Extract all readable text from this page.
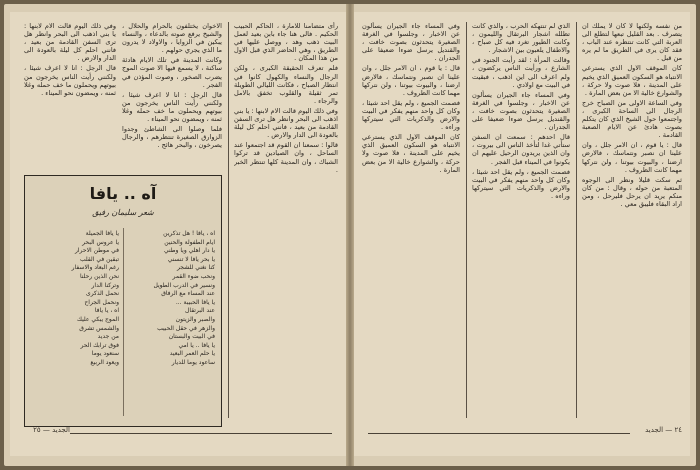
رأى متضامنا للامارة ، الحاكم الحبيب الحكيم . فالى هنا جاء بابن بعيد لعمل البيت ذهب وهد ، ووصل عليها في الطريق ، وهي الحاضر الذي قبل الاول من هذا المكان .

فلم تعرف الحقيقة الكبرى ، ولكن الرجال والنساء والكهول كانوا في انتظار الصباح ، فكانت الليالي الطويلة تمر ثقيلة والقلوب تخفق بالامل والرجاء .

وفي ذلك اليوم قالت الام لابنها : يا بني اذهب الى البحر وانظر هل ترى السفن القادمة من بعيد ، فانني احلم كل ليلة بالعودة الى الدار والارض .

قالوا : سمعنا ان القوم قد اجتمعوا عند الساحل ، وان الصيادين قد تركوا الشباك ، وان المدينة كلها تنتظر الخبر .

الاخوان يختلفون بالحرام والحلال ، والشيخ يرفع صوته بالدعاء ، والنساء يبكين في الزوايا ، والاولاد لا يدرون ما الذي يجري حولهم .

وكانت المدينة في تلك الايام هادئة ساكنة ، لا يسمع فيها الا صوت الموج يضرب الصخور ، وصوت المؤذن في الفجر .

قال الرجل : انا لا اعرف شيئا ، ولكنني رأيت الناس يخرجون من بيوتهم ويحملون ما خف حمله وغلا ثمنه ، ويمضون نحو الميناء .

فلما وصلوا الى الشاطئ وجدوا الزوارق الصغيرة تنتظرهم ، والرجال يصرخون ، والبحر هائج .

وفي ذلك اليوم قالت الام لابنها : يا بني اذهب الى البحر وانظر هل ترى السفن القادمة من بعيد ، فانني احلم كل ليلة بالعودة الى الدار والارض .

قال الرجل : انا لا اعرف شيئا ، ولكنني رأيت الناس يخرجون من بيوتهم ويحملون ما خف حمله وغلا ثمنه ، ويمضون نحو الميناء .

آه .. يافا
شعر سليمان رفيق
آه ، يافا ! هل تذكرين
ايام الطفولة والحنين
يا دار اهلي ويا وطني
يا بحر يافا لا تنسني
كنا نغني للشجر
ونحب ضوء القمر
ونسير في الدرب الطويل
عند المساء مع الرفاق
يا يافا الحبيبة ...
عند البرتقال
والصبر والزيتون
والزهر في حقل الحبيب
في البيت والبستان
يا يافا .. يا امي
يا حلم العمر البعيد
سأعود يوما للديار
يا يافا الجميلة
يا عروس البحر
في موطن الاحرار
تبقين في القلب
رغم البعاد والاسفار
نحن الذين رحلنا
وتركنا الدار
نحمل الذكرى
ونحمل الجراح
آه ، يا يافا
الموج يبكي عليك
والشمس تشرق
من جديد
فوق ترابك الحر
سنعود يوما
ويعود الربيع
الجديد — ٢٥

من نفسه ولكنها لا كان لا يملك ان يتصرف . بعد القليل تبعها لتطلع الى العربة التي كانت تنتظره عند الباب ، فقد كان يرى في الطريق ما لم يره من قبل .

كان الموقف الاول الذي يسترعي الانتباه هو السكون العميق الذي يخيم على المدينة ، فلا صوت ولا حركة ، والشوارع خالية الا من بعض المارة .

وفي الساعة الاولى من الصباح خرج الرجال الى الساحة الكبرى ، واجتمعوا حول الشيخ الذي كان يتكلم بصوت هادئ عن الايام الصعبة القادمة .

قال : يا قوم ، ان الامر جلل ، وان علينا ان نصبر ونتماسك ، فالارض ارضنا ، والبيوت بيوتنا ، ولن نتركها مهما كانت الظروف .

ثم سكت قليلا ونظر الى الوجوه المتعبة من حوله ، وقال : من كان منكم يريد ان يرحل فليرحل ، ومن اراد البقاء فليبق معي .

الذي لم تنتهكه الحرب ، والذي كانت تظلله اشجار البرتقال والليمون ، وكانت الطيور تغرد فيه كل صباح ، والاطفال يلعبون بين الاشجار .

وقالت المرأة : لقد رأيت الجنود في الشارع ، ورأيت الناس يركضون ، ولم اعرف الى اين اذهب ، فبقيت في البيت مع اولادي .

وفي المساء جاء الجيران يسألون عن الاخبار ، وجلسوا في الغرفة الصغيرة يتحدثون بصوت خافت ، والقنديل يرسل ضوءا ضعيفا على الجدران .

قال احدهم : سمعت ان السفن ستأتي غدا لتأخذ الناس الى بيروت ، وان الذين يريدون الرحيل عليهم ان يكونوا في الميناء قبل الفجر .

فصمت الجميع ، ولم يقل احد شيئا ، وكان كل واحد منهم يفكر في البيت والارض والذكريات التي سيتركها وراءه .

وفي المساء جاء الجيران يسألون عن الاخبار ، وجلسوا في الغرفة الصغيرة يتحدثون بصوت خافت ، والقنديل يرسل ضوءا ضعيفا على الجدران .

قال : يا قوم ، ان الامر جلل ، وان علينا ان نصبر ونتماسك ، فالارض ارضنا ، والبيوت بيوتنا ، ولن نتركها مهما كانت الظروف .

فصمت الجميع ، ولم يقل احد شيئا ، وكان كل واحد منهم يفكر في البيت والارض والذكريات التي سيتركها وراءه .

كان الموقف الاول الذي يسترعي الانتباه هو السكون العميق الذي يخيم على المدينة ، فلا صوت ولا حركة ، والشوارع خالية الا من بعض المارة .

٢٤ — الجديد
